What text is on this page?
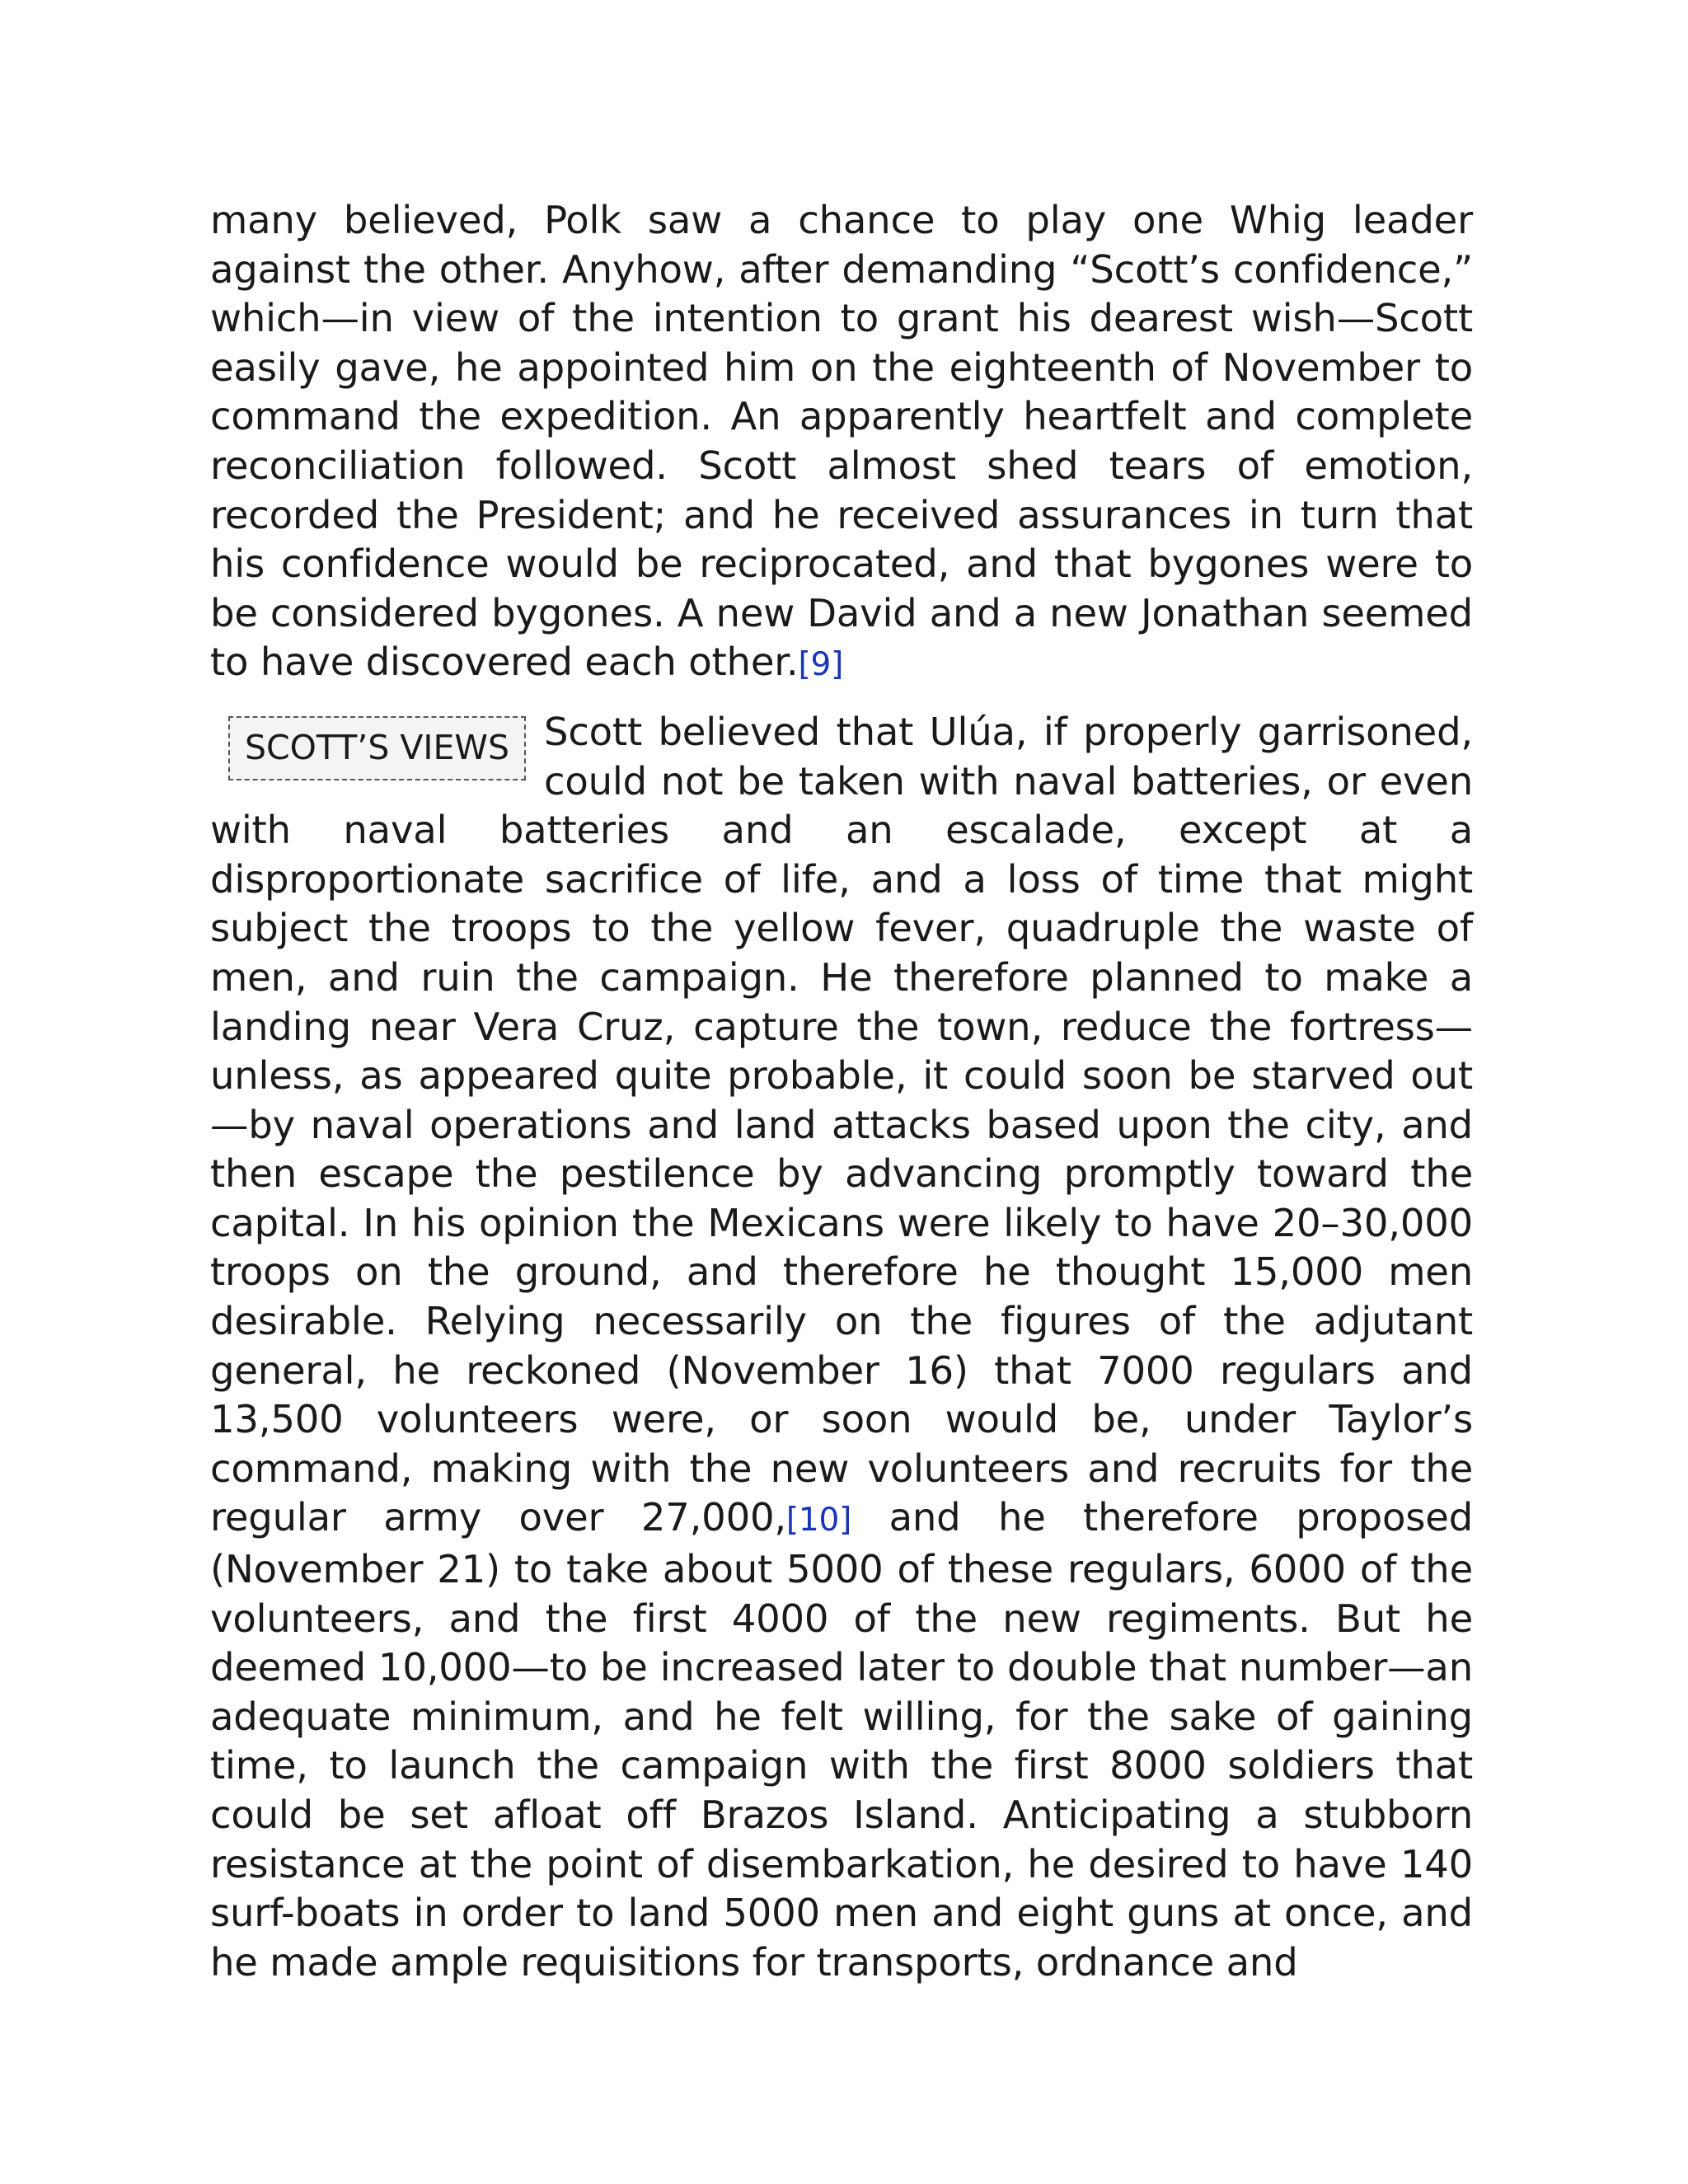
many believed, Polk saw a chance to play one Whig leader against the other. Anyhow, after demanding “Scott’s confidence,” which—in view of the intention to grant his dearest wish—Scott easily gave, he appointed him on the eighteenth of November to command the expedition. An apparently heartfelt and complete reconciliation followed. Scott almost shed tears of emotion, recorded the President; and he received assurances in turn that his confidence would be reciprocated, and that bygones were to be considered bygones. A new David and a new Jonathan seemed to have discovered each other.[9]

SCOTT’S VIEWS Scott believed that Ulúa, if properly garrisoned, could not be taken with naval batteries, or even with naval batteries and an escalade, except at a disproportionate sacrifice of life, and a loss of time that might subject the troops to the yellow fever, quadruple the waste of men, and ruin the campaign. He therefore planned to make a landing near Vera Cruz, capture the town, reduce the fortress—unless, as appeared quite probable, it could soon be starved out—by naval operations and land attacks based upon the city, and then escape the pestilence by advancing promptly toward the capital. In his opinion the Mexicans were likely to have 20–30,000 troops on the ground, and therefore he thought 15,000 men desirable. Relying necessarily on the figures of the adjutant general, he reckoned (November 16) that 7000 regulars and 13,500 volunteers were, or soon would be, under Taylor’s command, making with the new volunteers and recruits for the regular army over 27,000,[10] and he therefore proposed (November 21) to take about 5000 of these regulars, 6000 of the volunteers, and the first 4000 of the new regiments. But he deemed 10,000—to be increased later to double that number—an adequate minimum, and he felt willing, for the sake of gaining time, to launch the campaign with the first 8000 soldiers that could be set afloat off Brazos Island. Anticipating a stubborn resistance at the point of disembarkation, he desired to have 140 surf-boats in order to land 5000 men and eight guns at once, and he made ample requisitions for transports, ordnance and
